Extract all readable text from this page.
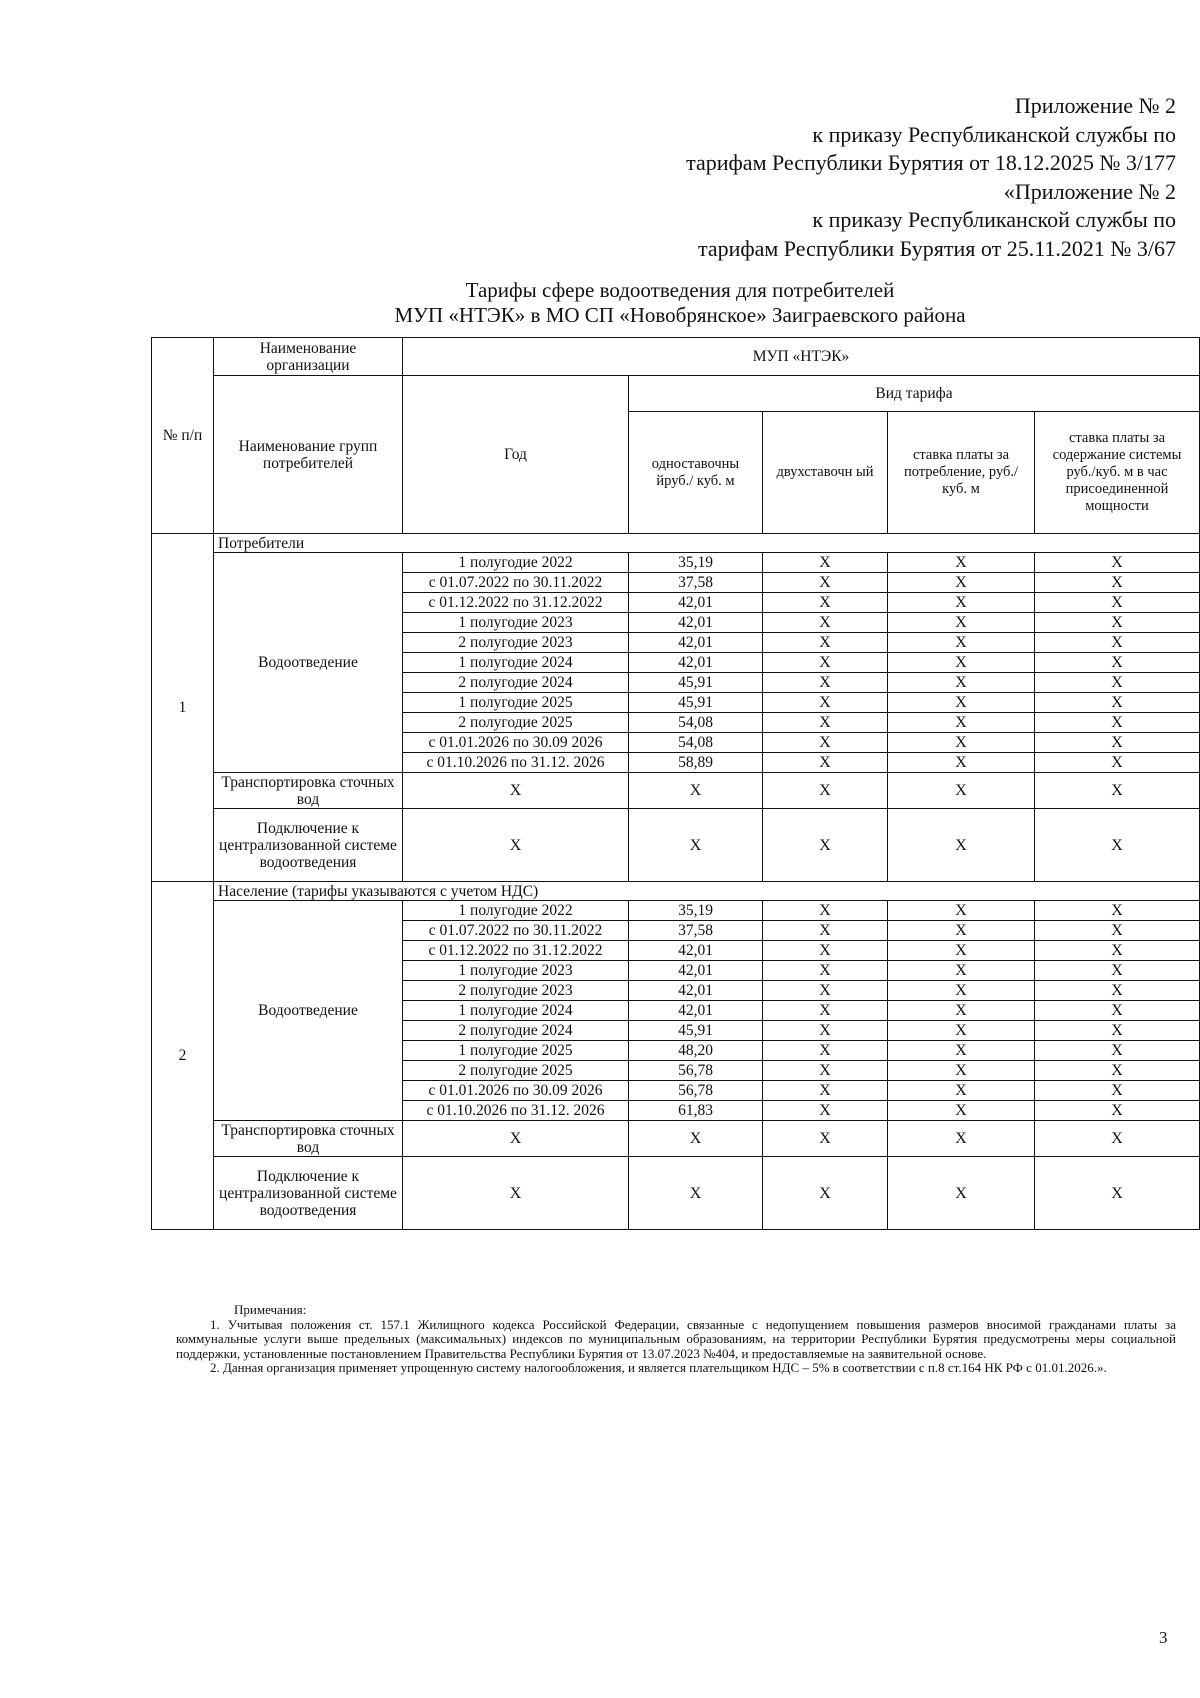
Приложение № 2
к приказу Республиканской службы по
тарифам Республики Бурятия от 18.12.2025 № 3/177
«Приложение № 2
к приказу Республиканской службы по
тарифам Республики Бурятия от 25.11.2021 № 3/67
Тарифы сфере водоотведения для потребителей
МУП «НТЭК» в МО СП «Новобрянское» Заиграевского района
№ п/п	Наименование организации	МУП «НТЭК»				
	Наименование групп потребителей	Год	Вид тарифа			
			одноставочны йруб./ куб. м	двухставочн ый	ставка платы за потребление, руб./ куб. м	ставка платы за содержание системы руб./куб. м в час присоединенной мощности
1	Потребители					
	Водоотведение	1 полугодие 2022	35,19	X	X	X
		с 01.07.2022 по 30.11.2022	37,58	X	X	X
		с 01.12.2022 по 31.12.2022	42,01	X	X	X
		1 полугодие 2023	42,01	X	X	X
		2 полугодие 2023	42,01	X	X	X
		1 полугодие 2024	42,01	X	X	X
		2 полугодие 2024	45,91	X	X	X
		1 полугодие 2025	45,91	X	X	X
		2 полугодие 2025	54,08	X	X	X
		с 01.01.2026 по 30.09 2026	54,08	X	X	X
		с 01.10.2026 по 31.12. 2026	58,89	X	X	X
	Транспортировка сточных вод	X	X	X	X	X
	Подключение к централизованной системе водоотведения	X	X	X	X	X
2	Население (тарифы указываются с учетом НДС)					
	Водоотведение	1 полугодие 2022	35,19	X	X	X
		с 01.07.2022 по 30.11.2022	37,58	X	X	X
		с 01.12.2022 по 31.12.2022	42,01	X	X	X
		1 полугодие 2023	42,01	X	X	X
		2 полугодие 2023	42,01	X	X	X
		1 полугодие 2024	42,01	X	X	X
		2 полугодие 2024	45,91	X	X	X
		1 полугодие 2025	48,20	X	X	X
		2 полугодие 2025	56,78	X	X	X
		с 01.01.2026 по 30.09 2026	56,78	X	X	X
		с 01.10.2026 по 31.12. 2026	61,83	X	X	X
	Транспортировка сточных вод	X	X	X	X	X
	Подключение к централизованной системе водоотведения	X	X	X	X	X
Примечания:

1. Учитывая положения ст. 157.1 Жилищного кодекса Российской Федерации, связанные с недопущением повышения размеров вносимой гражданами платы за коммунальные услуги выше предельных (максимальных) индексов по муниципальным образованиям, на территории Республики Бурятия предусмотрены меры социальной поддержки, установленные постановлением Правительства Республики Бурятия от 13.07.2023 №404, и предоставляемые на заявительной основе.

2. Данная организация применяет упрощенную систему налогообложения, и является плательщиком НДС – 5% в соответствии с п.8 ст.164 НК РФ с 01.01.2026.».

3
